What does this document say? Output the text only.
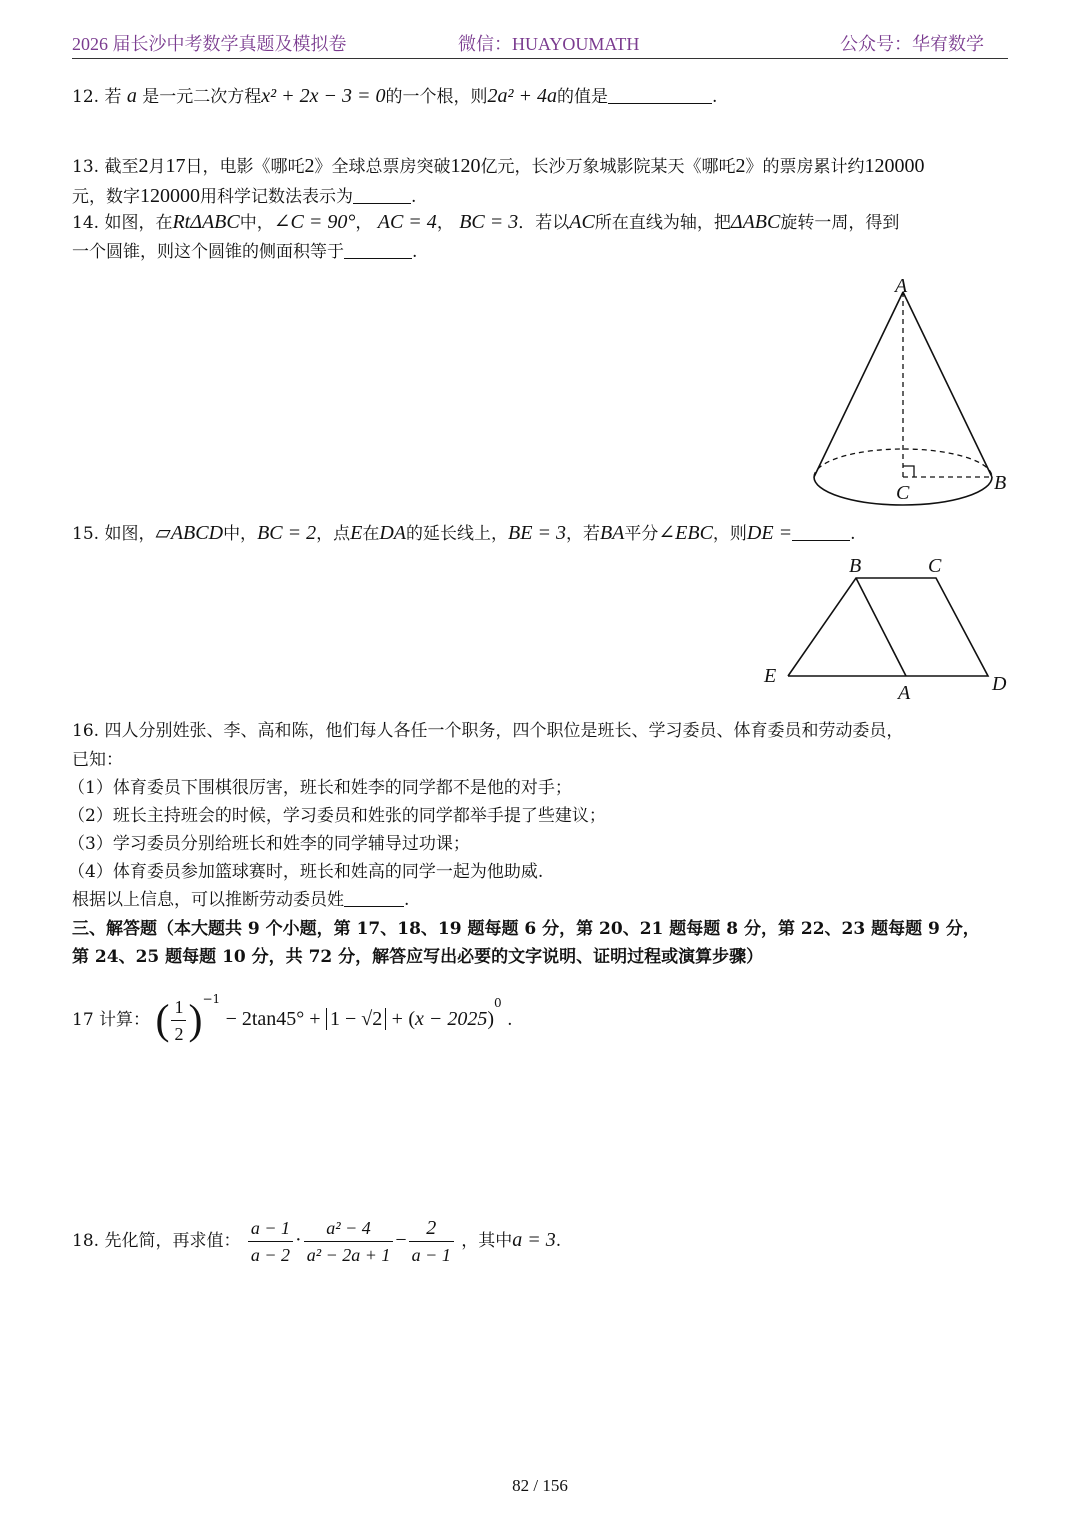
2026 届长沙中考数学真题及模拟卷	微信：HUAYOUMATH	公众号：华宥数学
12. 若 a 是一元二次方程x² + 2x − 3 = 0的一个根，则2a² + 4a的值是	.
13. 截至2月17日，电影《哪吒2》全球总票房突破120亿元，长沙万象城影院某天《哪吒2》的票房累计约120000
元，数字120000用科学记数法表示为	.
14. 如图，在RtΔABC中，∠C = 90°， AC = 4， BC = 3．若以AC所在直线为轴，把ΔABC旋转一周，得到
一个圆锥，则这个圆锥的侧面积等于	.
A
B
C
15. 如图，▱ABCD中，BC = 2，点E在DA的延长线上，BE = 3，若BA平分∠EBC，则DE =	.
B	C
D
E
A
16. 四人分别姓张、李、高和陈，他们每人各任一个职务，四个职位是班长、学习委员、体育委员和劳动委员，
已知：
（1）体育委员下围棋很厉害，班长和姓李的同学都不是他的对手；
（2）班长主持班会的时候，学习委员和姓张的同学都举手提了些建议；
（3）学习委员分别给班长和姓李的同学辅导过功课；
（4）体育委员参加篮球赛时，班长和姓高的同学一起为他助威.
根据以上信息，可以推断劳动委员姓	.
三、解答题（本大题共 9 个小题，第 17、18、19 题每题 6 分，第 20、21 题每题 8 分，第 22、23 题每题 9 分，
第 24、25 题每题 10 分，共 72 分，解答应写出必要的文字说明、证明过程或演算步骤）
17 计算： ( $\frac{1}{2} )^{-1} - 2\tan 45^\circ + 1 - √2 + (x - 2025)^0$ .
18. 先化简，再求值： $\frac{a - 1}{a - 2} \cdot \frac{\text{a² − 4}}{\text{a² − 2a + 1}} - \frac{2}{a - 1}$ ，其中a = 3.
82 / 156
